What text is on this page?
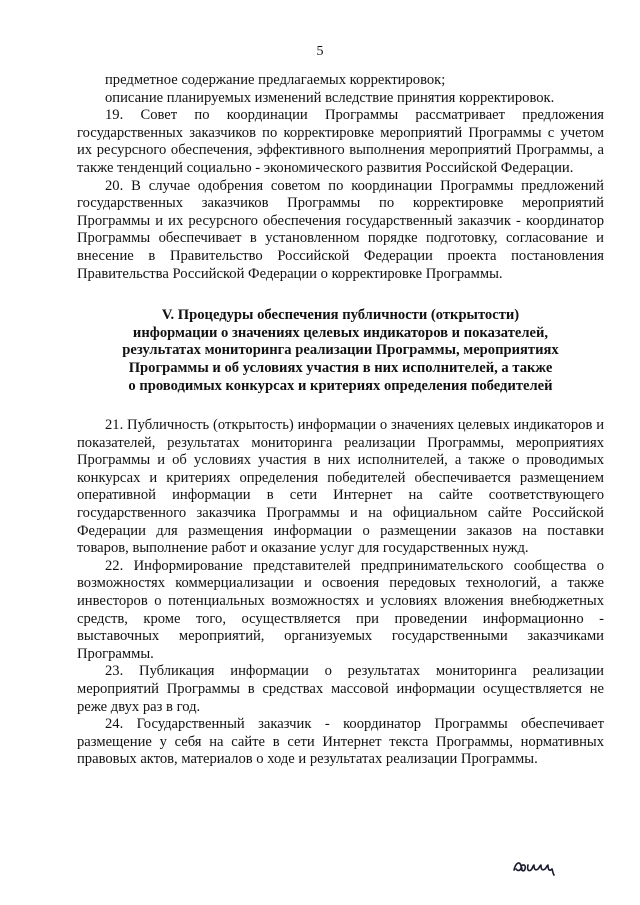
5

предметное содержание предлагаемых корректировок;

описание планируемых изменений вследствие принятия корректировок.

19. Совет по координации Программы рассматривает предложения государственных заказчиков по корректировке мероприятий Программы с учетом их ресурсного обеспечения, эффективного выполнения мероприятий Программы, а также тенденций социально - экономического развития Российской Федерации.

20. В случае одобрения советом по координации Программы предложений государственных заказчиков Программы по корректировке мероприятий Программы и их ресурсного обеспечения государственный заказчик - координатор Программы обеспечивает в установленном порядке подготовку, согласование и внесение в Правительство Российской Федерации проекта постановления Правительства Российской Федерации о корректировке Программы.

V. Процедуры обеспечения публичности (открытости)
информации о значениях целевых индикаторов и показателей,
результатах мониторинга реализации Программы, мероприятиях
Программы и об условиях участия в них исполнителей, а также
о проводимых конкурсах и критериях определения победителей

21. Публичность (открытость) информации о значениях целевых индикаторов и показателей, результатах мониторинга реализации Программы, мероприятиях Программы и об условиях участия в них исполнителей, а также о проводимых конкурсах и критериях определения победителей обеспечивается размещением оперативной информации в сети Интернет на сайте соответствующего государственного заказчика Программы и на официальном сайте Российской Федерации для размещения информации о размещении заказов на поставки товаров, выполнение работ и оказание услуг для государственных нужд.

22. Информирование представителей предпринимательского сообщества о возможностях коммерциализации и освоения передовых технологий, а также инвесторов о потенциальных возможностях и условиях вложения внебюджетных средств, кроме того, осуществляется при проведении информационно - выставочных мероприятий, организуемых государственными заказчиками Программы.

23. Публикация информации о результатах мониторинга реализации мероприятий Программы в средствах массовой информации осуществляется не реже двух раз в год.

24. Государственный заказчик - координатор Программы обеспечивает размещение у себя на сайте в сети Интернет текста Программы, нормативных правовых актов, материалов о ходе и результатах реализации Программы.
